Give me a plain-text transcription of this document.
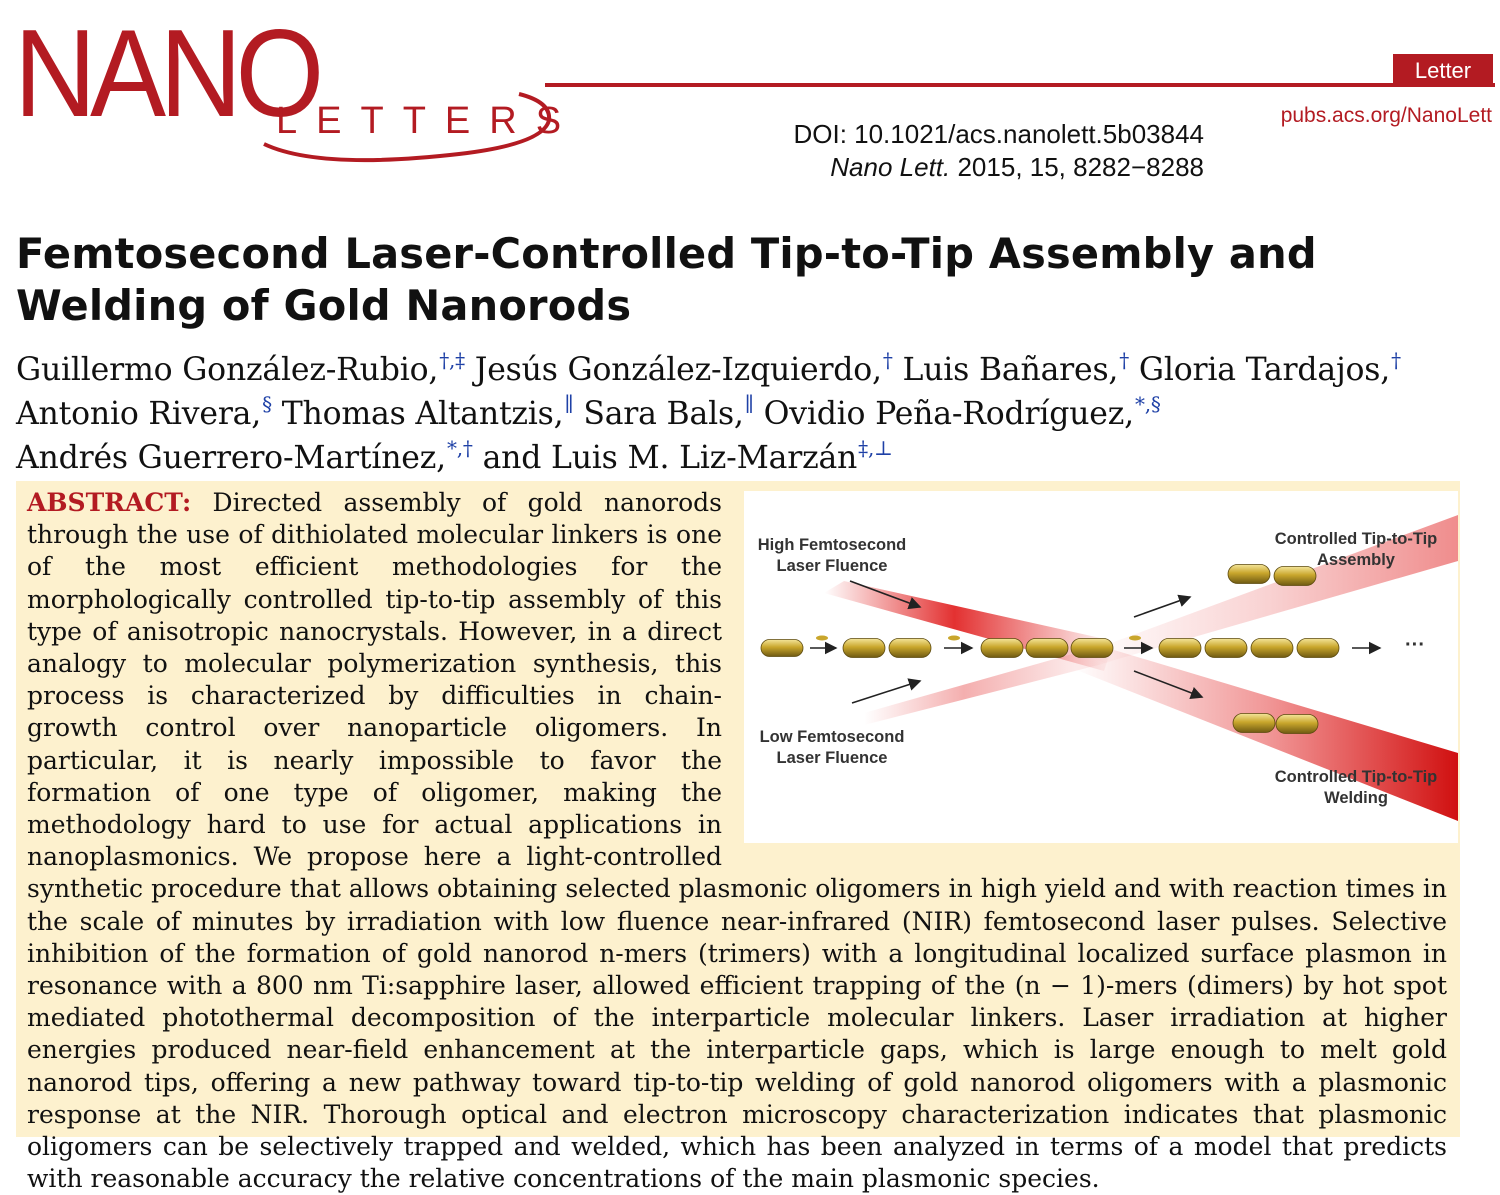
NANO
LETTERS
Letter
pubs.acs.org/NanoLett
DOI: 10.1021/acs.nanolett.5b03844
Nano Lett. 2015, 15, 8282−8288
Femtosecond Laser-Controlled Tip-to-Tip Assembly and Welding of Gold Nanorods
Guillermo González-Rubio,†,‡ Jesús González-Izquierdo,† Luis Bañares,† Gloria Tardajos,† Antonio Rivera,§ Thomas Altantzis,∥ Sara Bals,∥ Ovidio Peña-Rodríguez,*,§ Andrés Guerrero-Martínez,*,† and Luis M. Liz-Marzán‡,⊥
High Femtosecond Laser Fluence
Low Femtosecond Laser Fluence
Controlled Tip-to-Tip Assembly
Controlled Tip-to-Tip Welding
···
ABSTRACT: Directed assembly of gold nanorods through the use of dithiolated molecular linkers is one of the most efficient methodologies for the morphologically controlled tip-to-tip assembly of this type of anisotropic nanocrystals. However, in a direct analogy to molecular polymerization synthesis, this process is characterized by difficulties in chain-growth control over nanoparticle oligomers. In particular, it is nearly impossible to favor the formation of one type of oligomer, making the methodology hard to use for actual applications in nanoplasmonics. We propose here a light-controlled synthetic procedure that allows obtaining selected plasmonic oligomers in high yield and with reaction times in the scale of minutes by irradiation with low fluence near-infrared (NIR) femtosecond laser pulses. Selective inhibition of the formation of gold nanorod n-mers (trimers) with a longitudinal localized surface plasmon in resonance with a 800 nm Ti:sapphire laser, allowed efficient trapping of the (n − 1)-mers (dimers) by hot spot mediated photothermal decomposition of the interparticle molecular linkers. Laser irradiation at higher energies produced near-field enhancement at the interparticle gaps, which is large enough to melt gold nanorod tips, offering a new pathway toward tip-to-tip welding of gold nanorod oligomers with a plasmonic response at the NIR. Thorough optical and electron microscopy characterization indicates that plasmonic oligomers can be selectively trapped and welded, which has been analyzed in terms of a model that predicts with reasonable accuracy the relative concentrations of the main plasmonic species.
